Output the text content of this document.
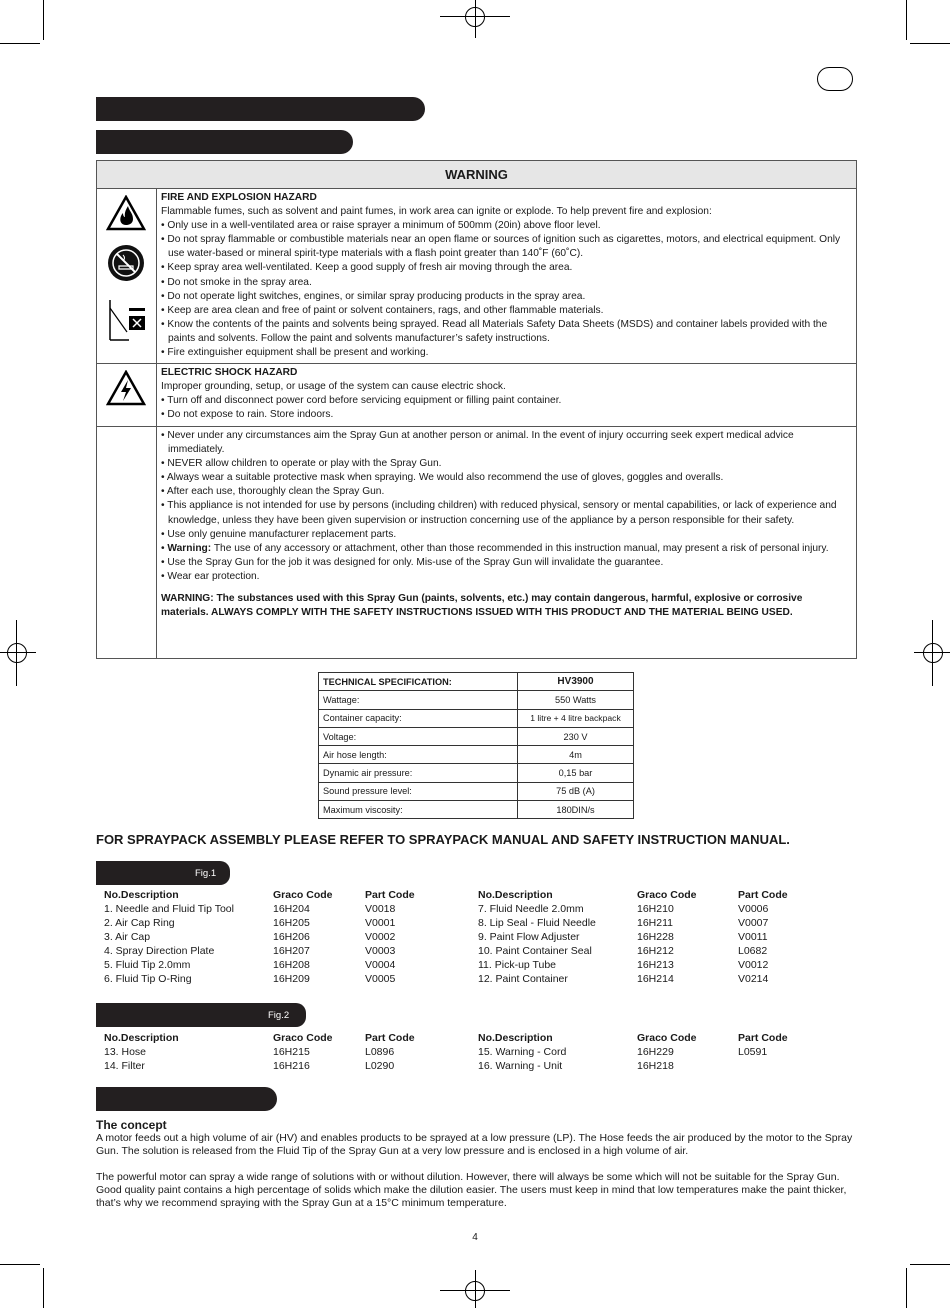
WARNING
FIRE AND EXPLOSION HAZARD
Flammable fumes, such as solvent and paint fumes, in work area can ignite or explode. To help prevent fire and explosion:
• Only use in a well-ventilated area or raise sprayer a minimum of 500mm (20in) above floor level.
• Do not spray flammable or combustible materials near an open flame or sources of ignition such as cigarettes, motors, and electrical equipment. Only use water-based or mineral spirit-type materials with a flash point greater than 140˚F (60˚C).
• Keep spray area well-ventilated. Keep a good supply of fresh air moving through the area.
• Do not smoke in the spray area.
• Do not operate light switches, engines, or similar spray producing products in the spray area.
• Keep are area clean and free of paint or solvent containers, rags, and other flammable materials.
• Know the contents of the paints and solvents being sprayed. Read all Materials Safety Data Sheets (MSDS) and container labels provided with the paints and solvents. Follow the paint and solvents manufacturer’s safety instructions.
• Fire extinguisher equipment shall be present and working.
ELECTRIC SHOCK HAZARD
Improper grounding, setup, or usage of the system can cause electric shock.
• Turn off and disconnect power cord before servicing equipment or filling paint container.
• Do not expose to rain. Store indoors.
• Never under any circumstances aim the Spray Gun at another person or animal. In the event of injury occurring seek expert medical advice immediately.
• NEVER allow children to operate or play with the Spray Gun.
• Always wear a suitable protective mask when spraying. We would also recommend the use of gloves, goggles and overalls.
• After each use, thoroughly clean the Spray Gun.
• This appliance is not intended for use by persons (including children) with reduced physical, sensory or mental capabilities, or lack of experience and knowledge, unless they have been given supervision or instruction concerning use of the appliance by a person responsible for their safety.
• Use only genuine manufacturer replacement parts.
• Warning: The use of any accessory or attachment, other than those recommended in this instruction manual, may present a risk of personal injury.
• Use the Spray Gun for the job it was designed for only. Mis-use of the Spray Gun will invalidate the guarantee.
• Wear ear protection.
WARNING: The substances used with this Spray Gun (paints, solvents, etc.) may contain dangerous, harmful, explosive or corrosive materials. ALWAYS COMPLY WITH THE SAFETY INSTRUCTIONS ISSUED WITH THIS PRODUCT AND THE MATERIAL BEING USED.
TECHNICAL SPECIFICATION:	HV3900
Wattage:	550 Watts
Container capacity:	1 litre + 4 litre backpack
Voltage:	230 V
Air hose length:	4m
Dynamic air pressure:	0,15 bar
Sound pressure level:	75 dB (A)
Maximum viscosity:	180DIN/s
FOR SPRAYPACK ASSEMBLY PLEASE REFER TO SPRAYPACK MANUAL AND SAFETY INSTRUCTION MANUAL.
Fig.1
No.Description	Graco Code	Part Code
1. Needle and Fluid Tip Tool	16H204	V0018
2. Air Cap Ring	16H205	V0001
3. Air Cap	16H206	V0002
4. Spray Direction Plate	16H207	V0003
5. Fluid Tip 2.0mm	16H208	V0004
6. Fluid Tip O-Ring	16H209	V0005
No.Description	Graco Code	Part Code
7. Fluid Needle 2.0mm	16H210	V0006
8. Lip Seal - Fluid Needle	16H211	V0007
9. Paint Flow Adjuster	16H228	V0011
10. Paint Container Seal	16H212	L0682
11. Pick-up Tube	16H213	V0012
12. Paint Container	16H214	V0214
Fig.2
No.Description	Graco Code	Part Code
13. Hose	16H215	L0896
14. Filter	16H216	L0290
No.Description	Graco Code	Part Code
15. Warning - Cord	16H229	L0591
16. Warning - Unit	16H218
The concept
A motor feeds out a high volume of air (HV) and enables products to be sprayed at a low pressure (LP). The Hose feeds the air produced by the motor to the Spray Gun. The solution is released from the Fluid Tip of the Spray Gun at a very low pressure and is enclosed in a high volume of air.
The powerful motor can spray a wide range of solutions with or without dilution. However, there will always be some which will not be suitable for the Spray Gun. Good quality paint contains a high percentage of solids which make the dilution easier. The users must keep in mind that low temperatures make the paint thicker, that’s why we recommend spraying with the Spray Gun at a 15°C minimum temperature.
4
